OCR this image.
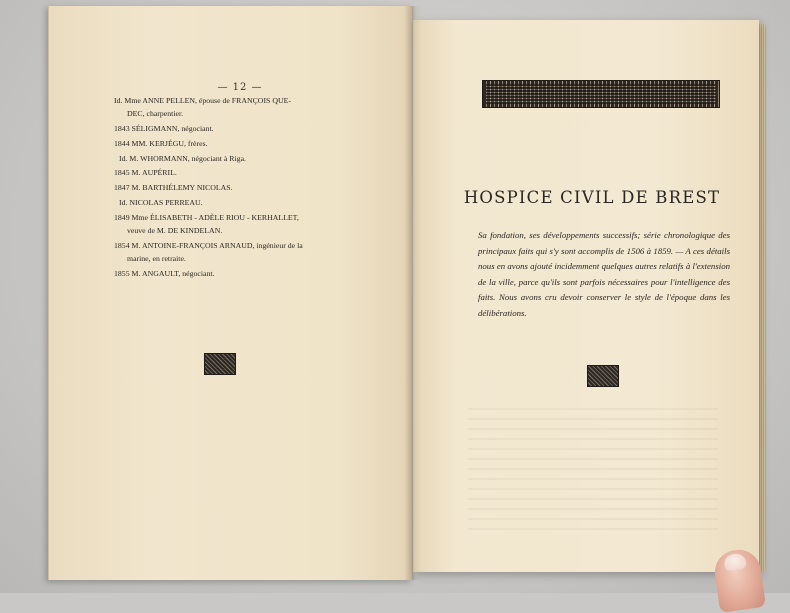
— 12 —
Id. Mme ANNE PELLEN, épouse de FRANÇOIS QUE-
DEC, charpentier.
1843 SÉLIGMANN, négociant.
1844 MM. KERJÉGU, frères.
Id. M. WHORMANN, négociant à Riga.
1845 M. AUPÉRIL.
1847 M. BARTHÉLEMY NICOLAS.
Id. NICOLAS PERREAU.
1849 Mme ÉLISABETH - ADÈLE RIOU - KERHALLET,
veuve de M. DE KINDELAN.
1854 M. ANTOINE-FRANÇOIS ARNAUD, ingénieur de la
marine, en retraite.
1855 M. ANGAULT, négociant.
HOSPICE CIVIL DE BREST

Sa fondation, ses développements successifs; série chronologique des principaux faits qui s'y sont accomplis de 1506 à 1859. — A ces détails nous en avons ajouté incidemment quelques autres relatifs à l'extension de la ville, parce qu'ils sont parfois nécessaires pour l'intelligence des faits. Nous avons cru devoir conserver le style de l'époque dans les délibérations.
